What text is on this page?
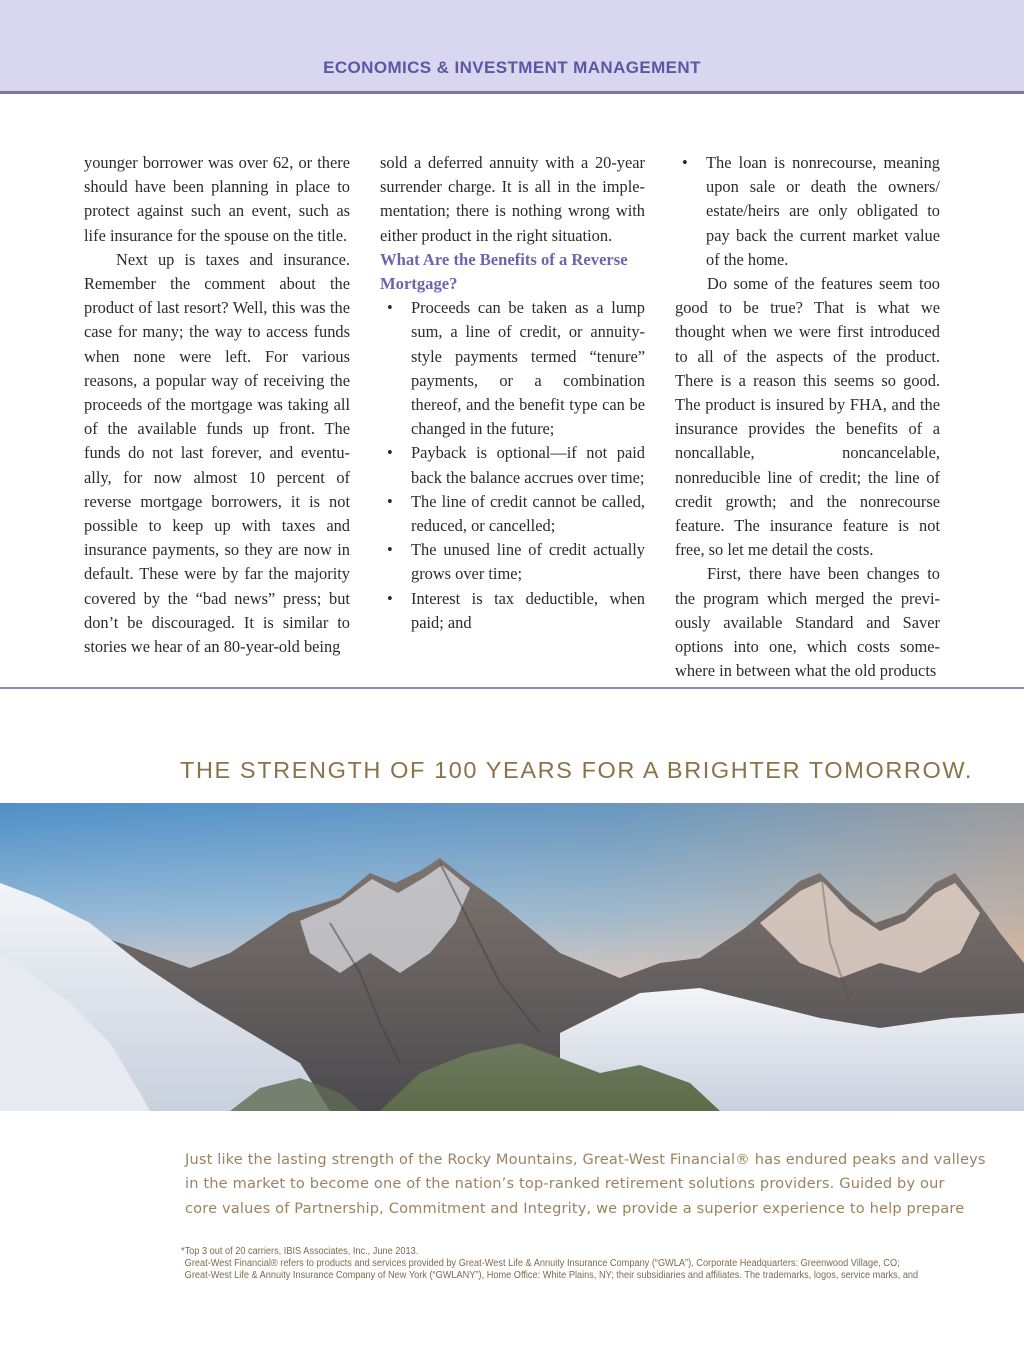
ECONOMICS & INVESTMENT MANAGEMENT

younger borrower was over 62, or there should have been planning in place to protect against such an event, such as life insurance for the spouse on the title.

Next up is taxes and insurance. Remember the comment about the product of last resort? Well, this was the case for many; the way to access funds when none were left. For various reasons, a popular way of receiving the proceeds of the mortgage was taking all of the available funds up front. The funds do not last forever, and eventually, for now almost 10 percent of reverse mortgage borrowers, it is not possible to keep up with taxes and insurance payments, so they are now in default. These were by far the majority covered by the “bad news” press; but don’t be discouraged. It is similar to stories we hear of an 80-year-old being

sold a deferred annuity with a 20-year surrender charge. It is all in the implementation; there is nothing wrong with either product in the right situation.

What Are the Benefits of a Reverse Mortgage?

• Proceeds can be taken as a lump sum, a line of credit, or annuity-style payments termed “tenure” payments, or a combination thereof, and the benefit type can be changed in the future;
• Payback is optional—if not paid back the balance accrues over time;
• The line of credit cannot be called, reduced, or cancelled;
• The unused line of credit actually grows over time;
• Interest is tax deductible, when paid; and
• The loan is nonrecourse, meaning upon sale or death the owners/ estate/heirs are only obligated to pay back the current market value of the home.

Do some of the features seem too good to be true? That is what we thought when we were first introduced to all of the aspects of the product. There is a reason this seems so good. The product is insured by FHA, and the insurance provides the benefits of a noncallable, noncancelable, nonreducible line of credit; the line of credit growth; and the nonrecourse feature. The insurance feature is not free, so let me detail the costs.

First, there have been changes to the program which merged the previously available Standard and Saver options into one, which costs somewhere in between what the old products

THE STRENGTH OF 100 YEARS FOR A BRIGHTER TOMORROW.
Just like the lasting strength of the Rocky Mountains, Great-West Financial® has endured peaks and valleys
in the market to become one of the nation’s top-ranked retirement solutions providers. Guided by our
core values of Partnership, Commitment and Integrity, we provide a superior experience to help prepare
*Top 3 out of 20 carriers, IBIS Associates, Inc., June 2013.
Great-West Financial® refers to products and services provided by Great-West Life & Annuity Insurance Company (“GWLA”), Corporate Headquarters: Greenwood Village, CO;
Great-West Life & Annuity Insurance Company of New York (“GWLANY”), Home Office: White Plains, NY; their subsidiaries and affiliates. The trademarks, logos, service marks, and
